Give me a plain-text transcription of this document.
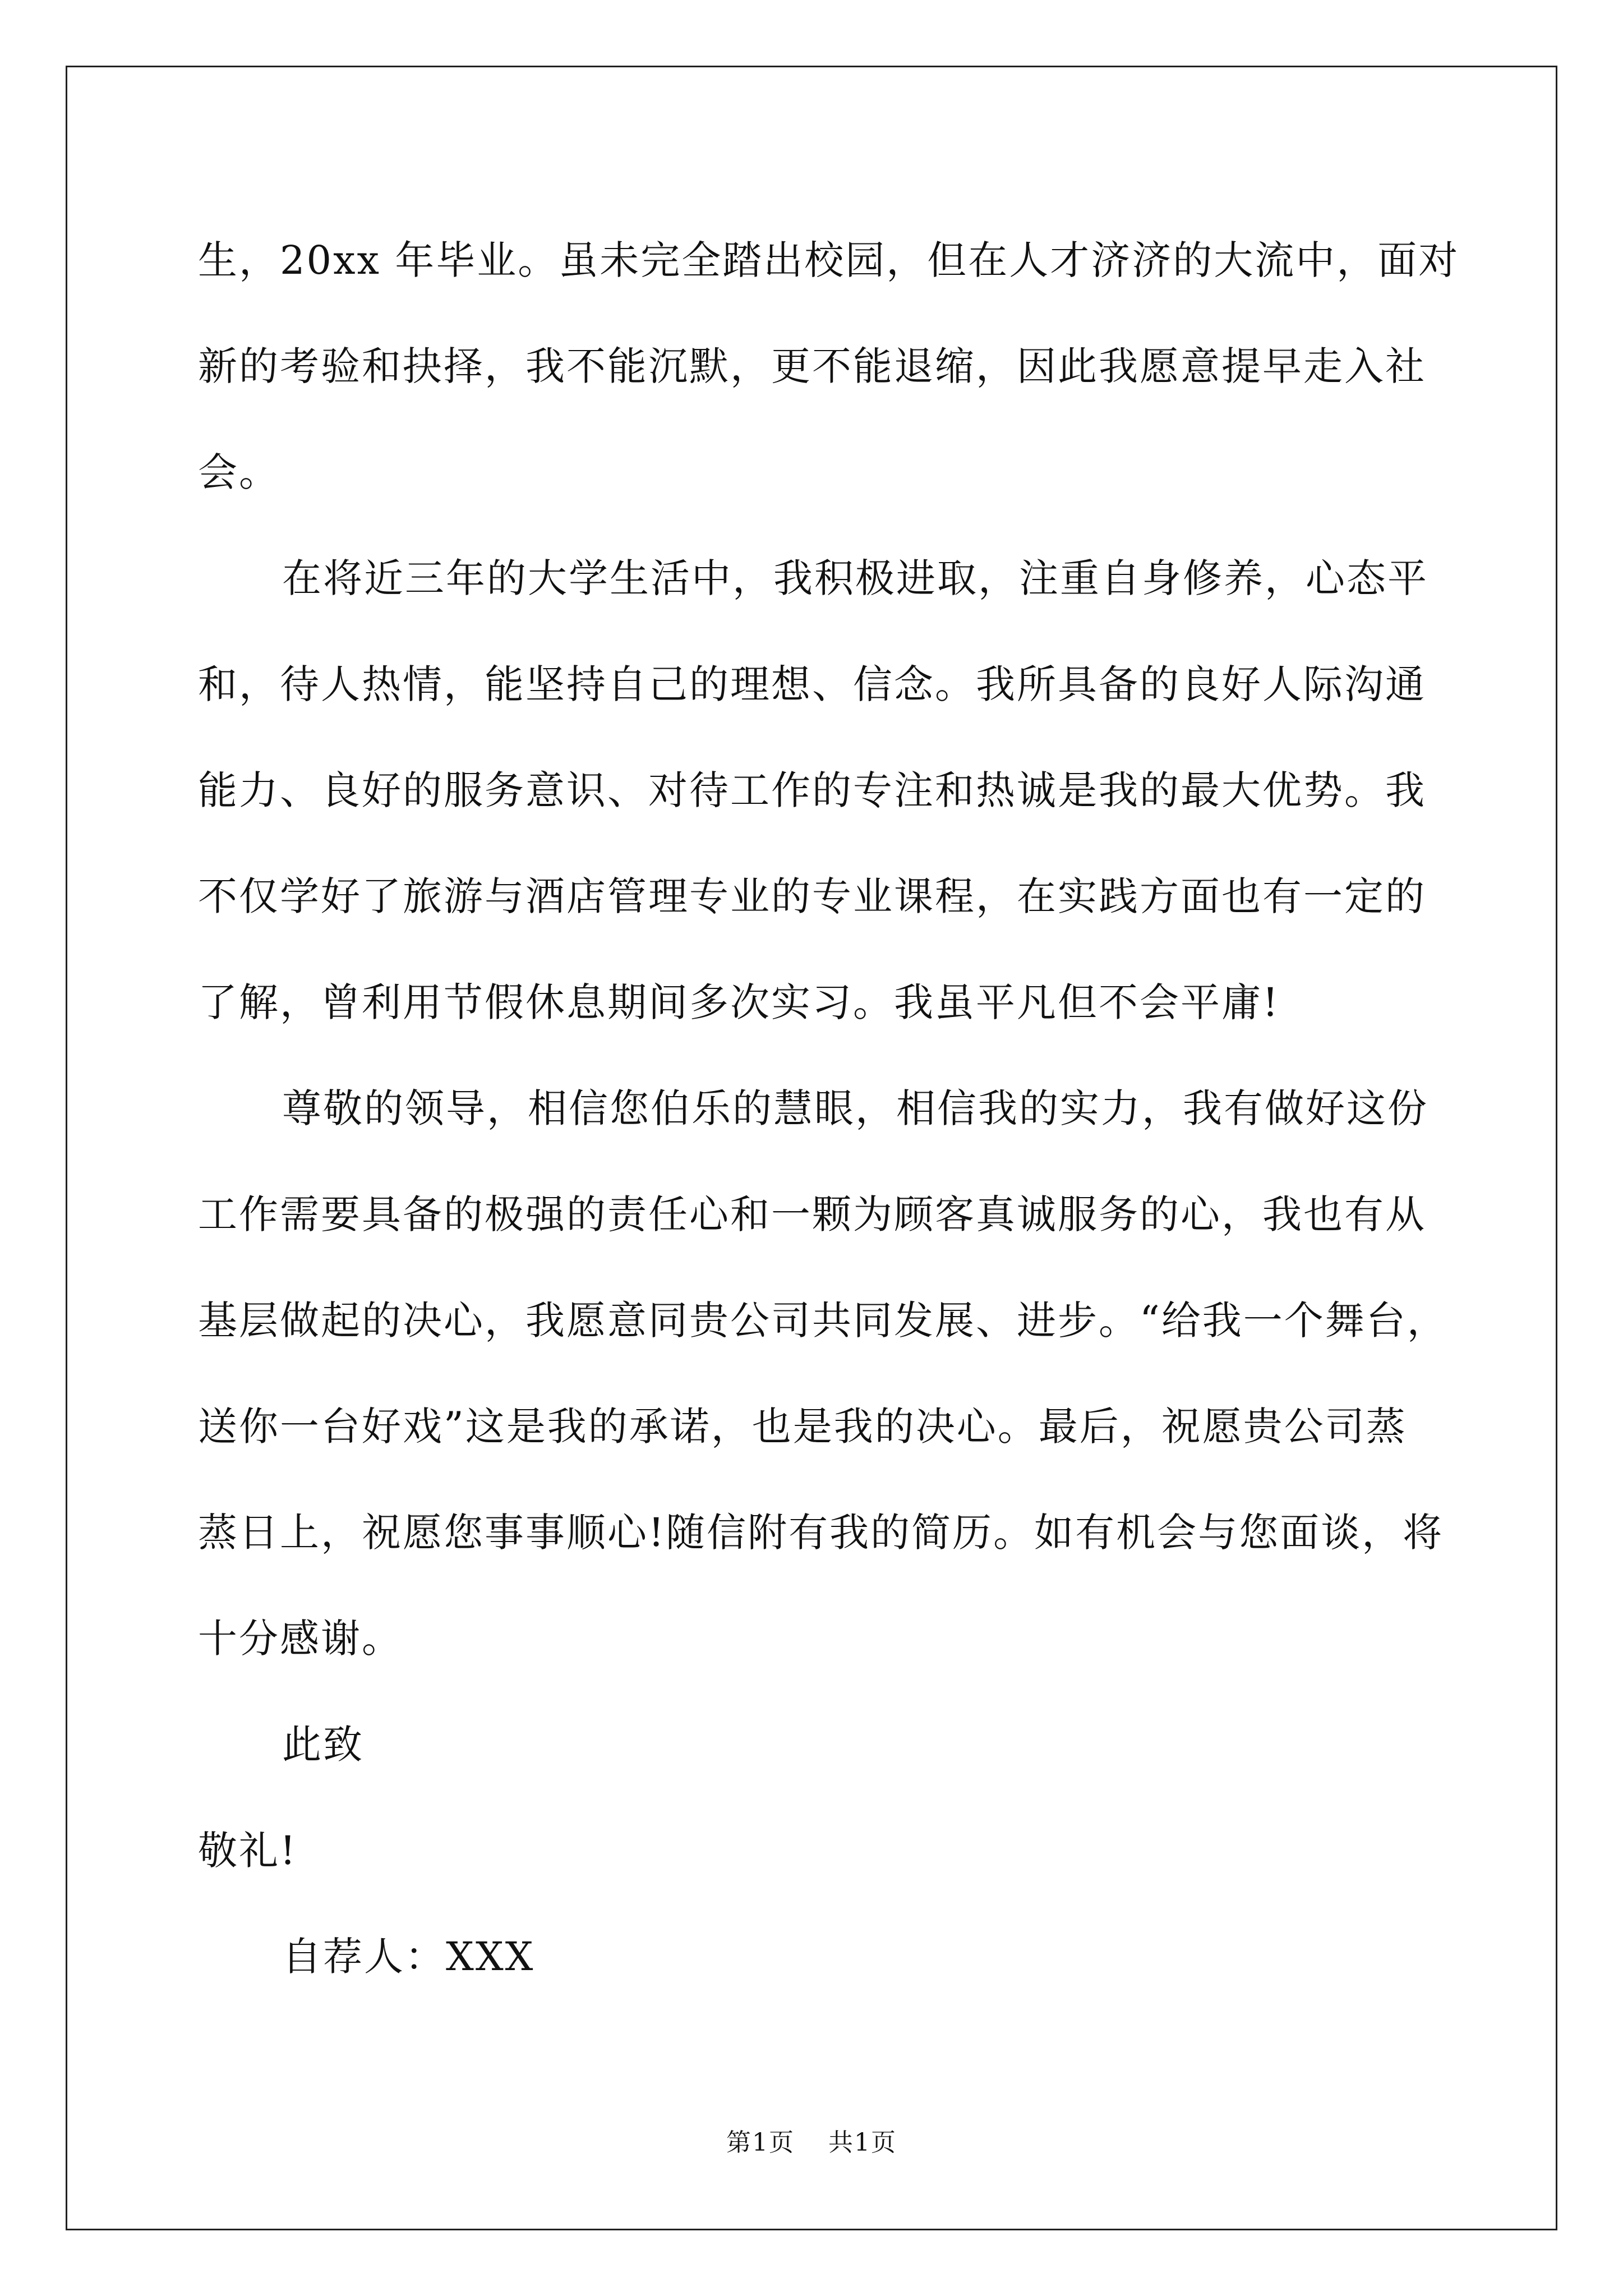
生，20xx 年毕业。虽未完全踏出校园，但在人才济济的大流中，面对
新的考验和抉择，我不能沉默，更不能退缩，因此我愿意提早走入社
会。
在将近三年的大学生活中，我积极进取，注重自身修养，心态平
和，待人热情，能坚持自己的理想、信念。我所具备的良好人际沟通
能力、良好的服务意识、对待工作的专注和热诚是我的最大优势。我
不仅学好了旅游与酒店管理专业的专业课程，在实践方面也有一定的
了解，曾利用节假休息期间多次实习。我虽平凡但不会平庸!
尊敬的领导，相信您伯乐的慧眼，相信我的实力，我有做好这份
工作需要具备的极强的责任心和一颗为顾客真诚服务的心，我也有从
基层做起的决心，我愿意同贵公司共同发展、进步。“给我一个舞台，
送你一台好戏”这是我的承诺，也是我的决心。最后，祝愿贵公司蒸
蒸日上，祝愿您事事顺心!随信附有我的简历。如有机会与您面谈，将
十分感谢。
此致
敬礼!
自荐人：XXX
第1页 共1页
